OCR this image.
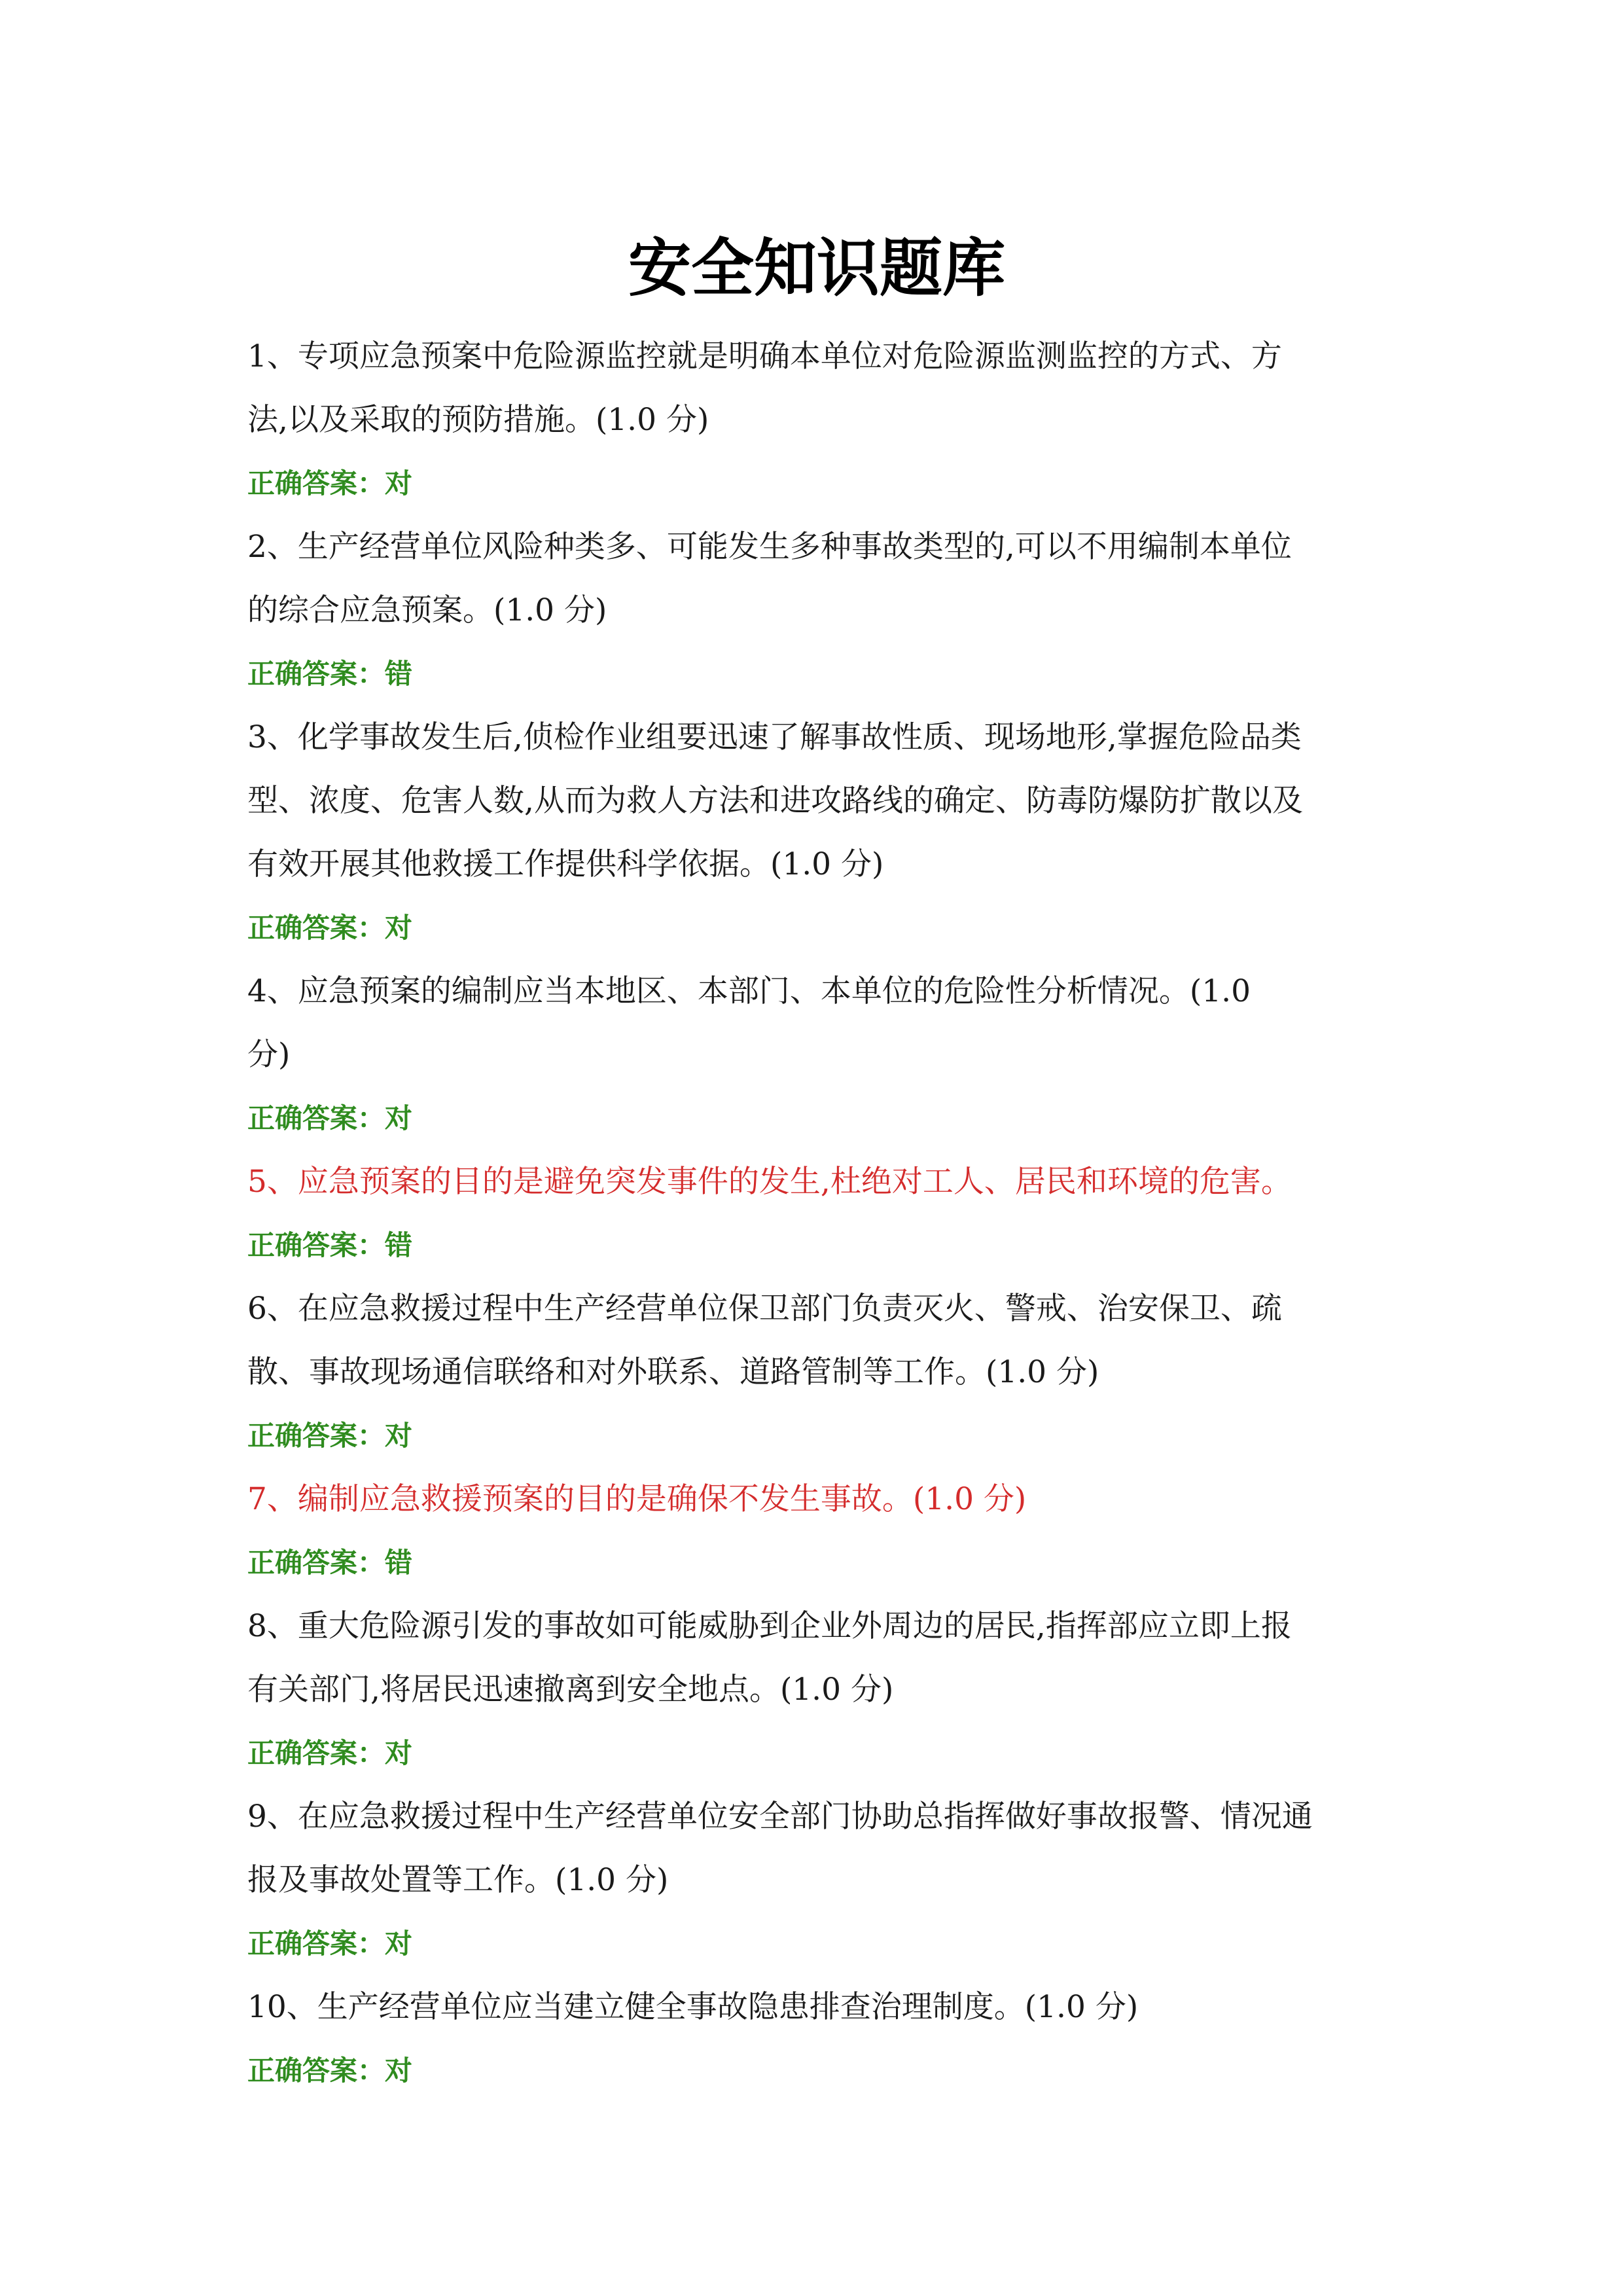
安全知识题库
1、专项应急预案中危险源监控就是明确本单位对危险源监测监控的方式、方
法,以及采取的预防措施。(1.0 分)
正确答案：对
2、生产经营单位风险种类多、可能发生多种事故类型的,可以不用编制本单位
的综合应急预案。(1.0 分)
正确答案：错
3、化学事故发生后,侦检作业组要迅速了解事故性质、现场地形,掌握危险品类
型、浓度、危害人数,从而为救人方法和进攻路线的确定、防毒防爆防扩散以及
有效开展其他救援工作提供科学依据。(1.0 分)
正确答案：对
4、应急预案的编制应当本地区、本部门、本单位的危险性分析情况。(1.0
分)
正确答案：对
5、应急预案的目的是避免突发事件的发生,杜绝对工人、居民和环境的危害。
正确答案：错
6、在应急救援过程中生产经营单位保卫部门负责灭火、警戒、治安保卫、疏
散、事故现场通信联络和对外联系、道路管制等工作。(1.0 分)
正确答案：对
7、编制应急救援预案的目的是确保不发生事故。(1.0 分)
正确答案：错
8、重大危险源引发的事故如可能威胁到企业外周边的居民,指挥部应立即上报
有关部门,将居民迅速撤离到安全地点。(1.0 分)
正确答案：对
9、在应急救援过程中生产经营单位安全部门协助总指挥做好事故报警、情况通
报及事故处置等工作。(1.0 分)
正确答案：对
10、生产经营单位应当建立健全事故隐患排查治理制度。(1.0 分)
正确答案：对
